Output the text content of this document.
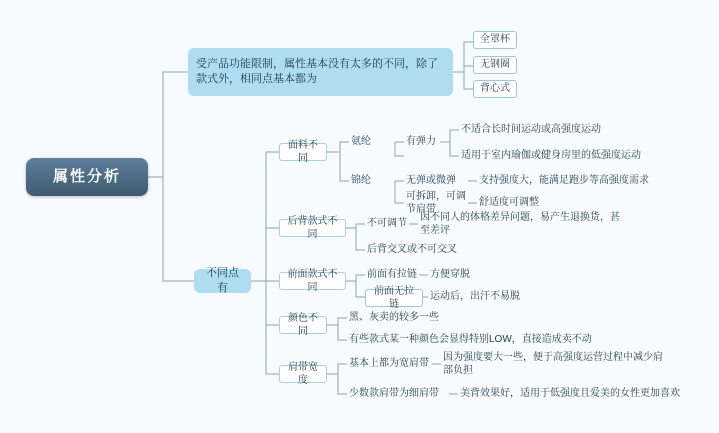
属性分析
受产品功能限制，属性基本没有太多的不同，除了款式外，相同点基本都为
全罩杯
无钢圈
背心式
不同点有
面料不同
氨纶	有弹力
不适合长时间运动或高强度运动
适用于室内瑜伽或健身房里的低强度运动
锦纶	无弹或微弹 支持强度大，能满足跑步等高强度需求
可拆卸，可调节肩带
舒适度可调整
后背款式不同
不可调节
因不同人的体格差异问题，易产生退换货，甚至差评
后背交叉或不可交叉
前面款式不同
前面有拉链 方便穿脱
前面无拉链
运动后，出汗不易脱
颜色不同
黑、灰卖的较多一些
有些款式某一种颜色会显得特别LOW，直接造成卖不动
肩带宽度
基本上都为宽肩带
因为强度要大一些，便于高强度运营过程中减少肩部负担
少数款肩带为细肩带 美背效果好，适用于低强度且爱美的女性更加喜欢
